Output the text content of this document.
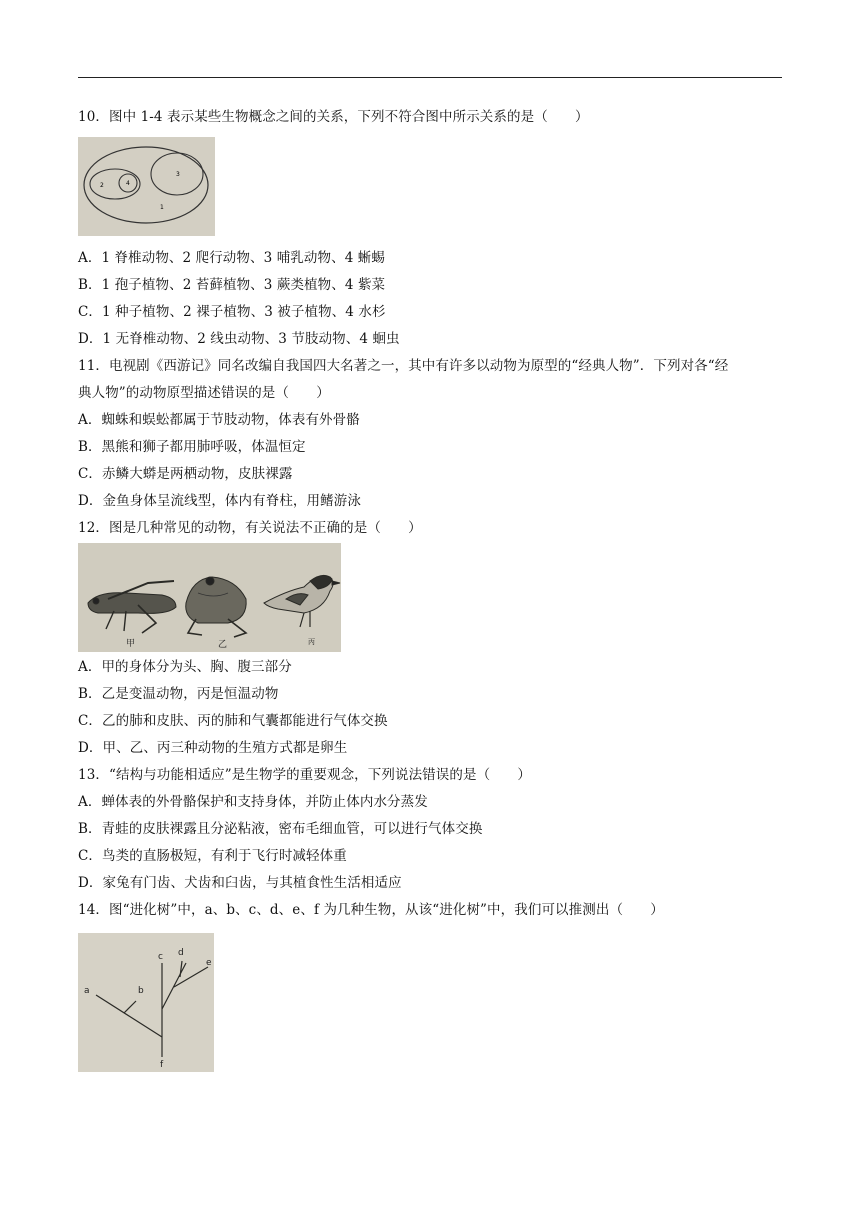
10．图中 1-4 表示某些生物概念之间的关系，下列不符合图中所示关系的是（　　）
1
2
3
4
A．1 脊椎动物、2 爬行动物、3 哺乳动物、4 蜥蜴
B．1 孢子植物、2 苔藓植物、3 蕨类植物、4 紫菜
C．1 种子植物、2 裸子植物、3 被子植物、4 水杉
D．1 无脊椎动物、2 线虫动物、3 节肢动物、4 蛔虫
11．电视剧《西游记》同名改编自我国四大名著之一，其中有许多以动物为原型的“经典人物”．下列对各“经
典人物”的动物原型描述错误的是（　　）
A．蜘蛛和蜈蚣都属于节肢动物，体表有外骨骼
B．黑熊和狮子都用肺呼吸，体温恒定
C．赤鳞大蟒是两栖动物，皮肤裸露
D．金鱼身体呈流线型，体内有脊柱，用鳍游泳
12．图是几种常见的动物，有关说法不正确的是（　　）
甲	乙	丙
A．甲的身体分为头、胸、腹三部分
B．乙是变温动物，丙是恒温动物
C．乙的肺和皮肤、丙的肺和气囊都能进行气体交换
D．甲、乙、丙三种动物的生殖方式都是卵生
13．“结构与功能相适应”是生物学的重要观念，下列说法错误的是（　　）
A．蝉体表的外骨骼保护和支持身体，并防止体内水分蒸发
B．青蛙的皮肤裸露且分泌粘液，密布毛细血管，可以进行气体交换
C．鸟类的直肠极短，有利于飞行时减轻体重
D．家兔有门齿、犬齿和臼齿，与其植食性生活相适应
14．图“进化树”中，a、b、c、d、e、f 为几种生物，从该“进化树”中，我们可以推测出（　　）
a	b
c d
e
f
